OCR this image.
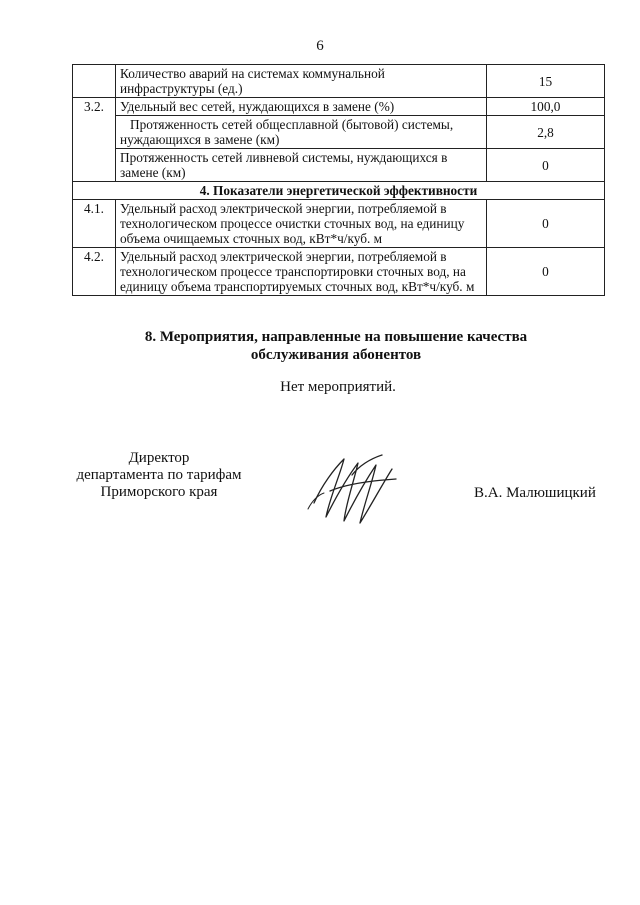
6
	Количество аварий на системах коммунальной инфраструктуры (ед.)	15
3.2.	Удельный вес сетей, нуждающихся в замене (%)	100,0
	Протяженность сетей общесплавной (бытовой) системы, нуждающихся в замене (км)	2,8
	Протяженность сетей ливневой системы, нуждающихся в замене (км)	0
4. Показатели энергетической эффективности		
4.1.	Удельный расход электрической энергии, потребляемой в технологическом процессе очистки сточных вод, на единицу объема очищаемых сточных вод, кВт*ч/куб. м	0
4.2.	Удельный расход электрической энергии, потребляемой в технологическом процессе транспортировки сточных вод, на единицу объема транспортируемых сточных вод, кВт*ч/куб. м	0
8. Мероприятия, направленные на повышение качества
обслуживания абонентов
Нет мероприятий.
Директор
департамента по тарифам
Приморского края	В.А. Малюшицкий
